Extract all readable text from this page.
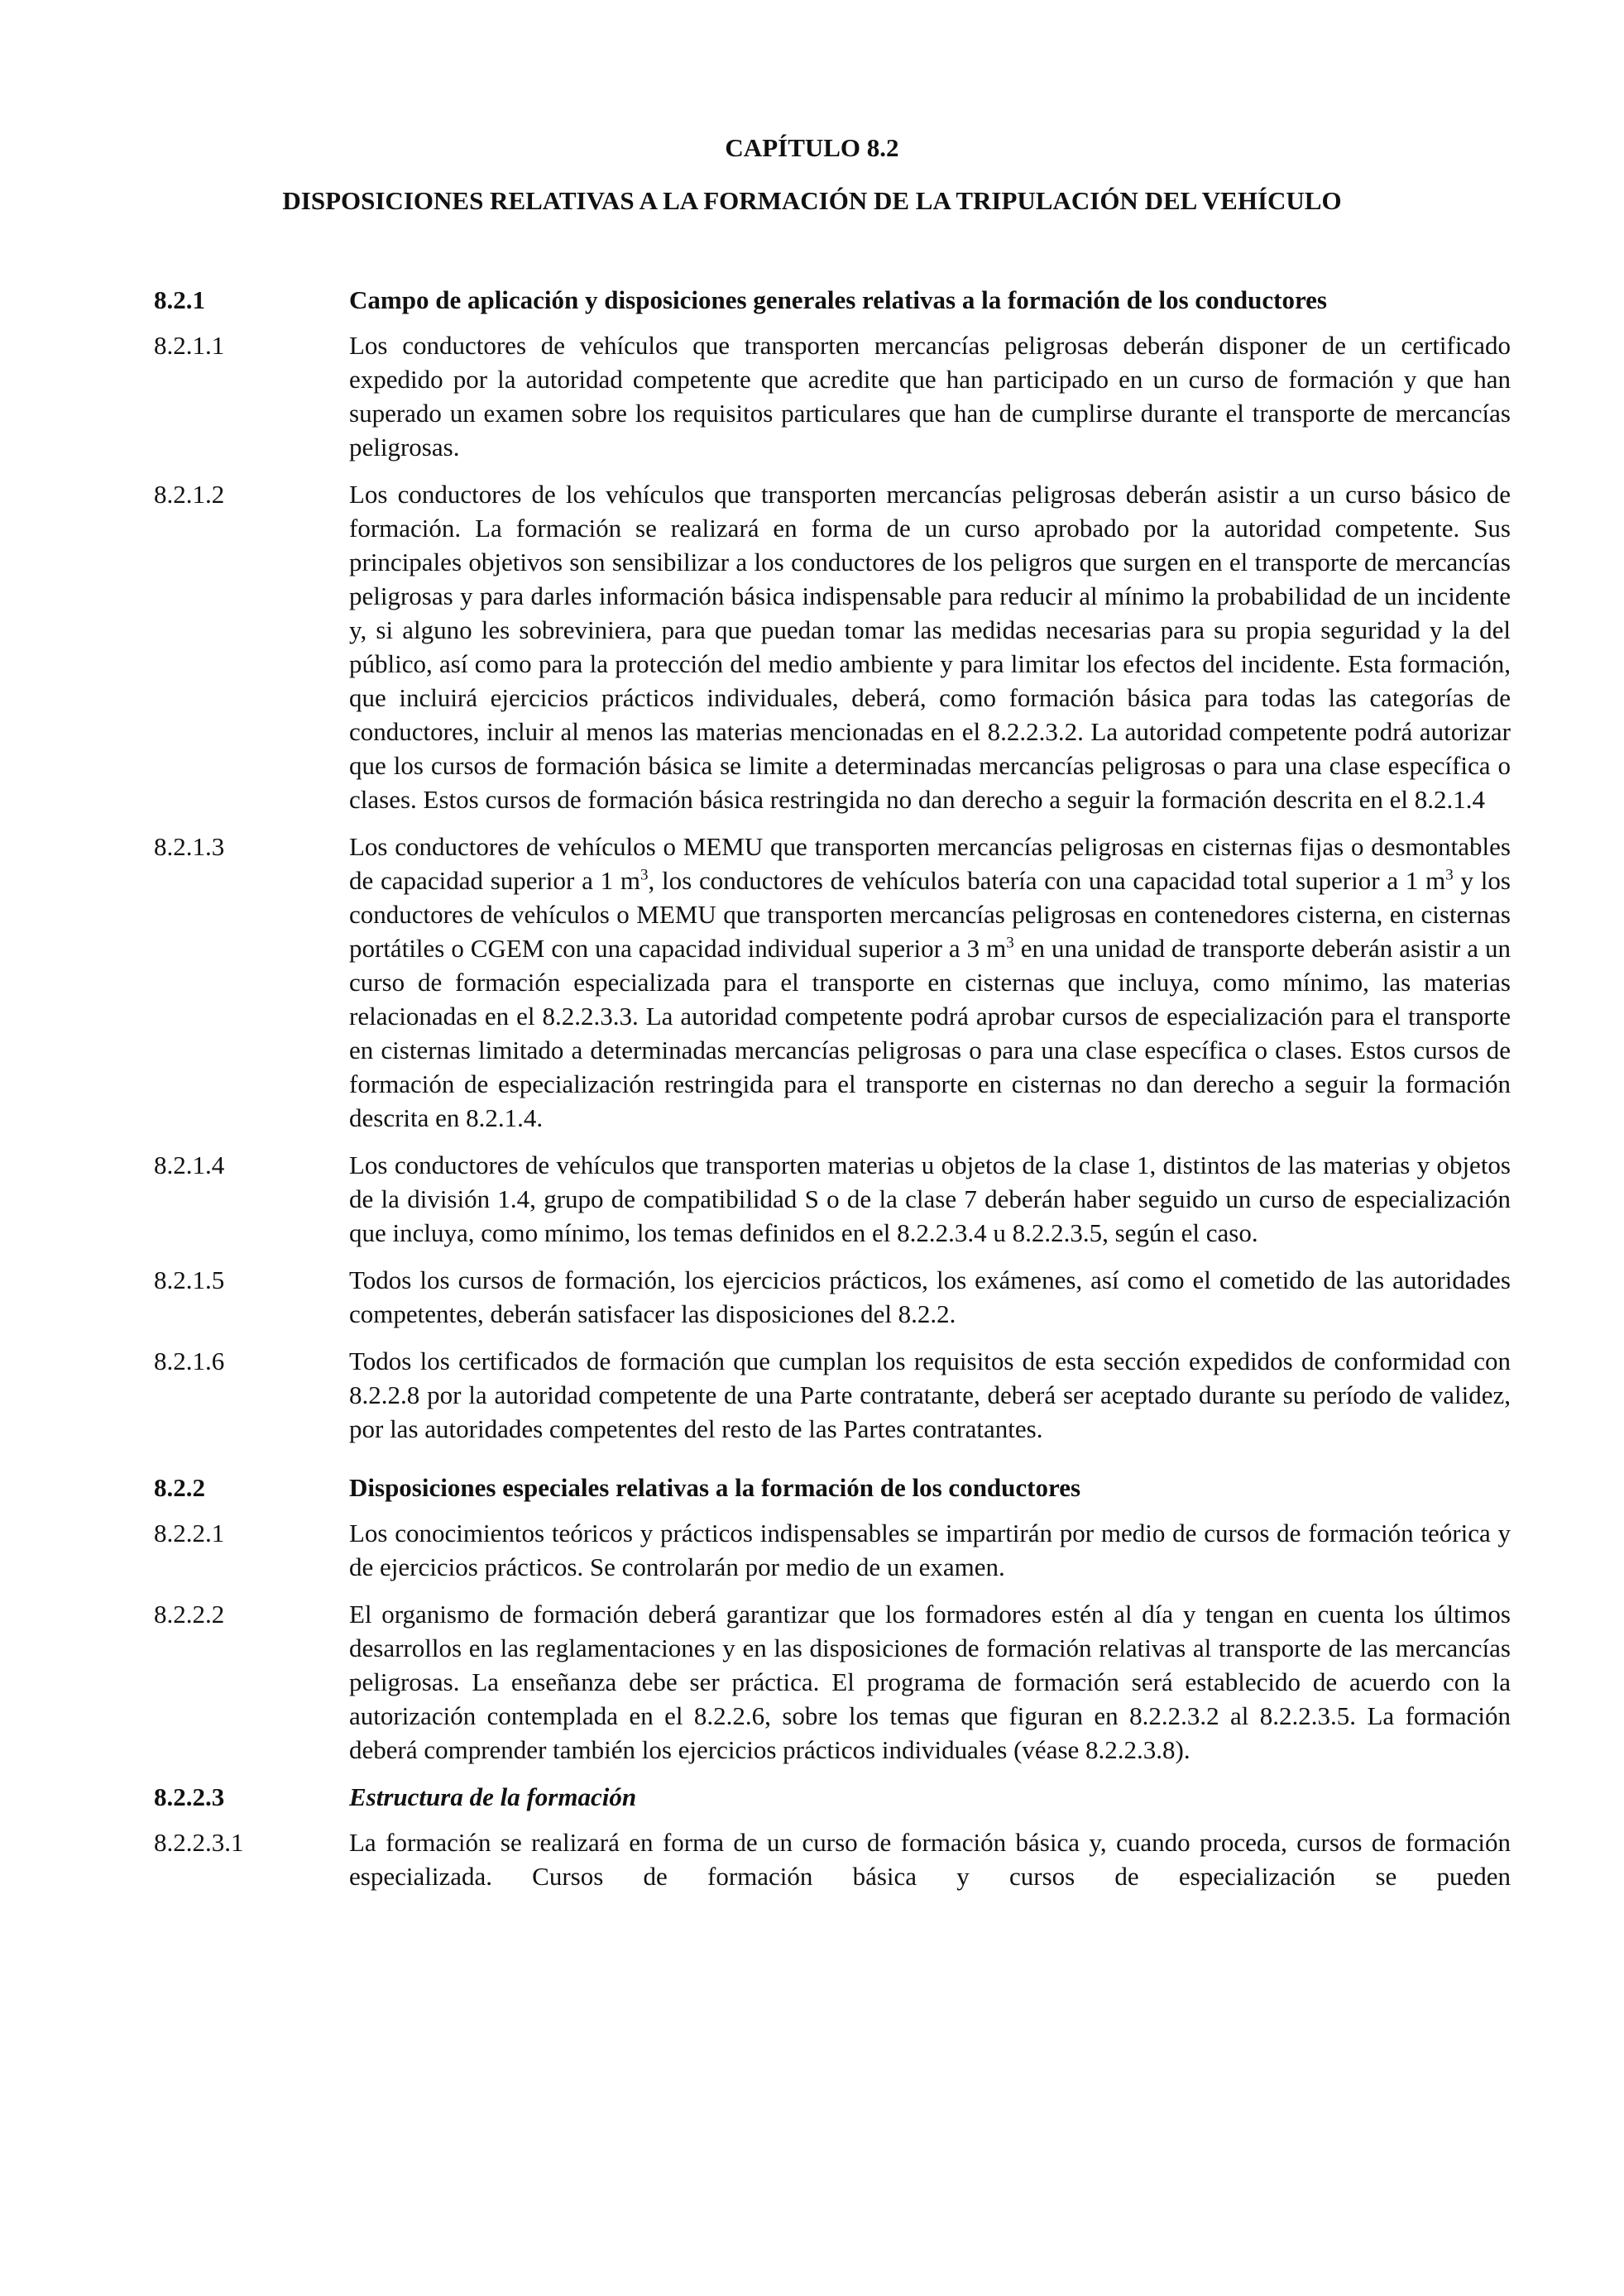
CAPÍTULO 8.2
DISPOSICIONES RELATIVAS A LA FORMACIÓN DE LA TRIPULACIÓN DEL VEHÍCULO
8.2.1	Campo de aplicación y disposiciones generales relativas a la formación de los conductores

8.2.1.1	Los conductores de vehículos que transporten mercancías peligrosas deberán disponer de un certificado expedido por la autoridad competente que acredite que han participado en un curso de formación y que han superado un examen sobre los requisitos particulares que han de cumplirse durante el transporte de mercancías peligrosas.

8.2.1.2	Los conductores de los vehículos que transporten mercancías peligrosas deberán asistir a un curso básico de formación. La formación se realizará en forma de un curso aprobado por la autoridad competente. Sus principales objetivos son sensibilizar a los conductores de los peligros que surgen en el transporte de mercancías peligrosas y para darles información básica indispensable para reducir al mínimo la probabilidad de un incidente y, si alguno les sobreviniera, para que puedan tomar las medidas necesarias para su propia seguridad y la del público, así como para la protección del medio ambiente y para limitar los efectos del incidente. Esta formación, que incluirá ejercicios prácticos individuales, deberá, como formación básica para todas las categorías de conductores, incluir al menos las materias mencionadas en el 8.2.2.3.2. La autoridad competente podrá autorizar que los cursos de formación básica se limite a determinadas mercancías peligrosas o para una clase específica o clases. Estos cursos de formación básica restringida no dan derecho a seguir la formación descrita en el 8.2.1.4

8.2.1.3	Los conductores de vehículos o MEMU que transporten mercancías peligrosas en cisternas fijas o desmontables de capacidad superior a 1 $m^3$, los conductores de vehículos batería con una capacidad total superior a 1 $m^3$ y los conductores de vehículos o MEMU que transporten mercancías peligrosas en contenedores cisterna, en cisternas portátiles o CGEM con una capacidad individual superior a 3 $m^3$ en una unidad de transporte deberán asistir a un curso de formación especializada para el transporte en cisternas que incluya, como mínimo, las materias relacionadas en el 8.2.2.3.3. La autoridad competente podrá aprobar cursos de especialización para el transporte en cisternas limitado a determinadas mercancías peligrosas o para una clase específica o clases. Estos cursos de formación de especialización restringida para el transporte en cisternas no dan derecho a seguir la formación descrita en 8.2.1.4.

8.2.1.4	Los conductores de vehículos que transporten materias u objetos de la clase 1, distintos de las materias y objetos de la división 1.4, grupo de compatibilidad S o de la clase 7 deberán haber seguido un curso de especialización que incluya, como mínimo, los temas definidos en el 8.2.2.3.4 u 8.2.2.3.5, según el caso.

8.2.1.5	Todos los cursos de formación, los ejercicios prácticos, los exámenes, así como el cometido de las autoridades competentes, deberán satisfacer las disposiciones del 8.2.2.

8.2.1.6	Todos los certificados de formación que cumplan los requisitos de esta sección expedidos de conformidad con 8.2.2.8 por la autoridad competente de una Parte contratante, deberá ser aceptado durante su período de validez, por las autoridades competentes del resto de las Partes contratantes.

8.2.2	Disposiciones especiales relativas a la formación de los conductores

8.2.2.1	Los conocimientos teóricos y prácticos indispensables se impartirán por medio de cursos de formación teórica y de ejercicios prácticos. Se controlarán por medio de un examen.

8.2.2.2	El organismo de formación deberá garantizar que los formadores estén al día y tengan en cuenta los últimos desarrollos en las reglamentaciones y en las disposiciones de formación relativas al transporte de las mercancías peligrosas. La enseñanza debe ser práctica. El programa de formación será establecido de acuerdo con la autorización contemplada en el 8.2.2.6, sobre los temas que figuran en 8.2.2.3.2 al 8.2.2.3.5. La formación deberá comprender también los ejercicios prácticos individuales (véase 8.2.2.3.8).

8.2.2.3	Estructura de la formación

8.2.2.3.1	La formación se realizará en forma de un curso de formación básica y, cuando proceda, cursos de formación especializada. Cursos de formación básica y cursos de especialización se pueden
